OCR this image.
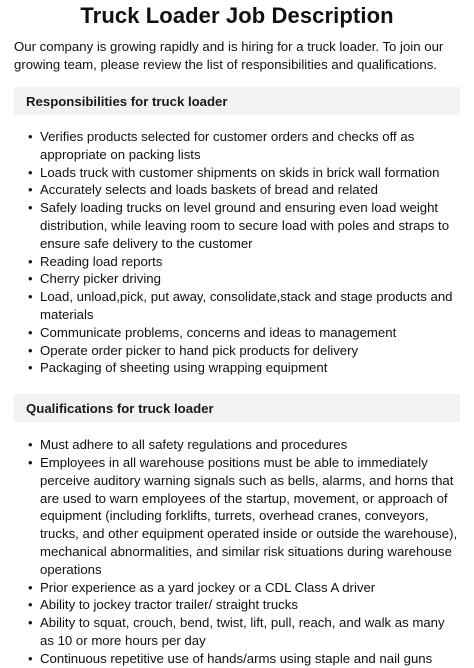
Truck Loader Job Description

Our company is growing rapidly and is hiring for a truck loader. To join our growing team, please review the list of responsibilities and qualifications.

Responsibilities for truck loader
• Verifies products selected for customer orders and checks off as appropriate on packing lists
• Loads truck with customer shipments on skids in brick wall formation
• Accurately selects and loads baskets of bread and related
• Safely loading trucks on level ground and ensuring even load weight distribution, while leaving room to secure load with poles and straps to ensure safe delivery to the customer
• Reading load reports
• Cherry picker driving
• Load, unload,pick, put away, consolidate,stack and stage products and materials
• Communicate problems, concerns and ideas to management
• Operate order picker to hand pick products for delivery
• Packaging of sheeting using wrapping equipment
Qualifications for truck loader
• Must adhere to all safety regulations and procedures
• Employees in all warehouse positions must be able to immediately perceive auditory warning signals such as bells, alarms, and horns that are used to warn employees of the startup, movement, or approach of equipment (including forklifts, turrets, overhead cranes, conveyors, trucks, and other equipment operated inside or outside the warehouse), mechanical abnormalities, and similar risk situations during warehouse operations
• Prior experience as a yard jockey or a CDL Class A driver
• Ability to jockey tractor trailer/ straight trucks
• Ability to squat, crouch, bend, twist, lift, pull, reach, and walk as many as 10 or more hours per day
• Continuous repetitive use of hands/arms using staple and nail guns
